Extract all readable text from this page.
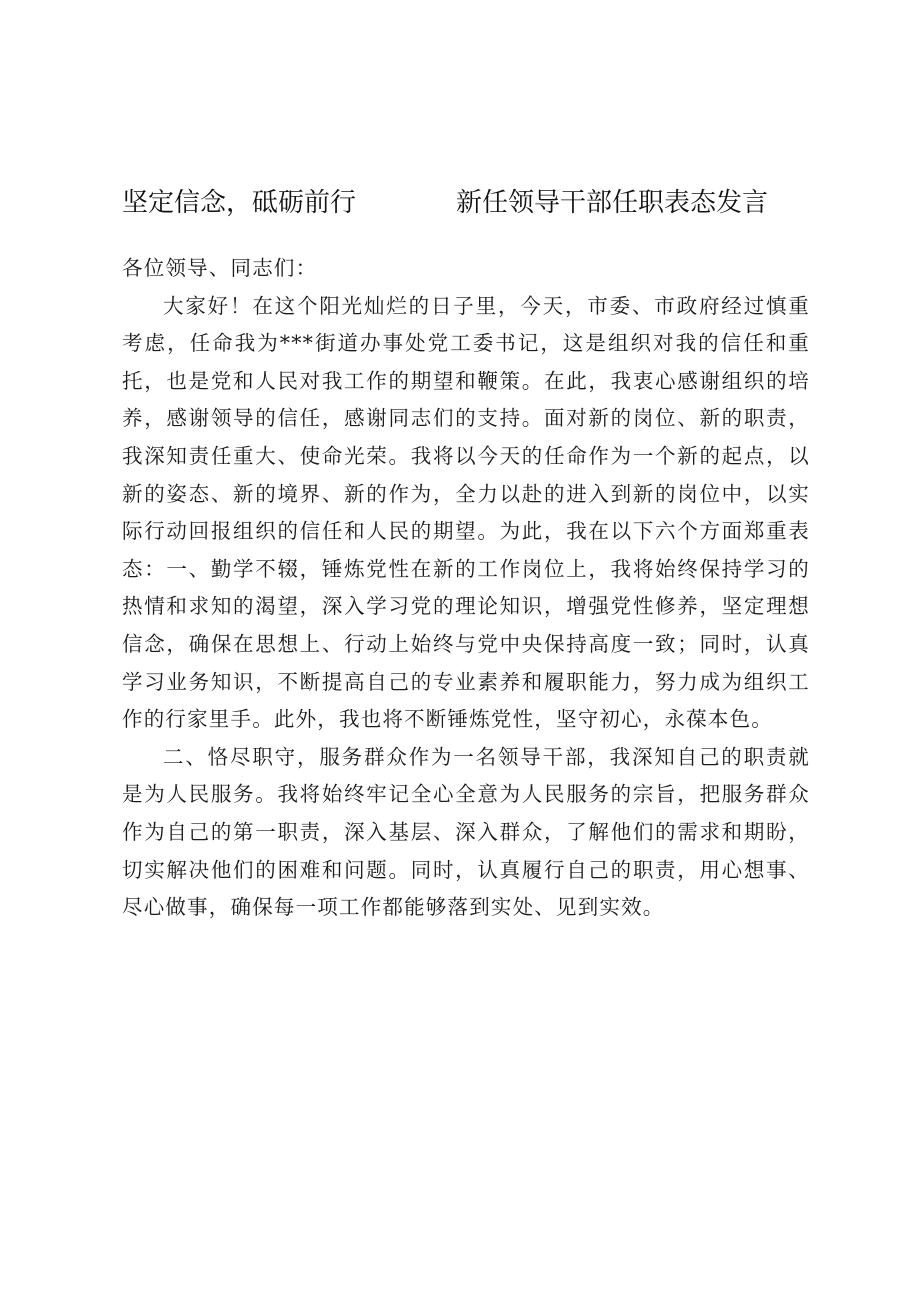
坚定信念，砥砺前行	新任领导干部任职表态发言

各位领导、同志们：

大家好！在这个阳光灿烂的日子里，今天，市委、市政府经过慎重考虑，任命我为***街道办事处党工委书记，这是组织对我的信任和重托，也是党和人民对我工作的期望和鞭策。在此，我衷心感谢组织的培养，感谢领导的信任，感谢同志们的支持。面对新的岗位、新的职责，我深知责任重大、使命光荣。我将以今天的任命作为一个新的起点，以新的姿态、新的境界、新的作为，全力以赴的进入到新的岗位中，以实际行动回报组织的信任和人民的期望。为此，我在以下六个方面郑重表态：一、勤学不辍，锤炼党性在新的工作岗位上，我将始终保持学习的热情和求知的渴望，深入学习党的理论知识，增强党性修养，坚定理想信念，确保在思想上、行动上始终与党中央保持高度一致；同时，认真学习业务知识，不断提高自己的专业素养和履职能力，努力成为组织工作的行家里手。此外，我也将不断锤炼党性，坚守初心，永葆本色。

二、恪尽职守，服务群众作为一名领导干部，我深知自己的职责就是为人民服务。我将始终牢记全心全意为人民服务的宗旨，把服务群众作为自己的第一职责，深入基层、深入群众，了解他们的需求和期盼，切实解决他们的困难和问题。同时，认真履行自己的职责，用心想事、尽心做事，确保每一项工作都能够落到实处、见到实效。
